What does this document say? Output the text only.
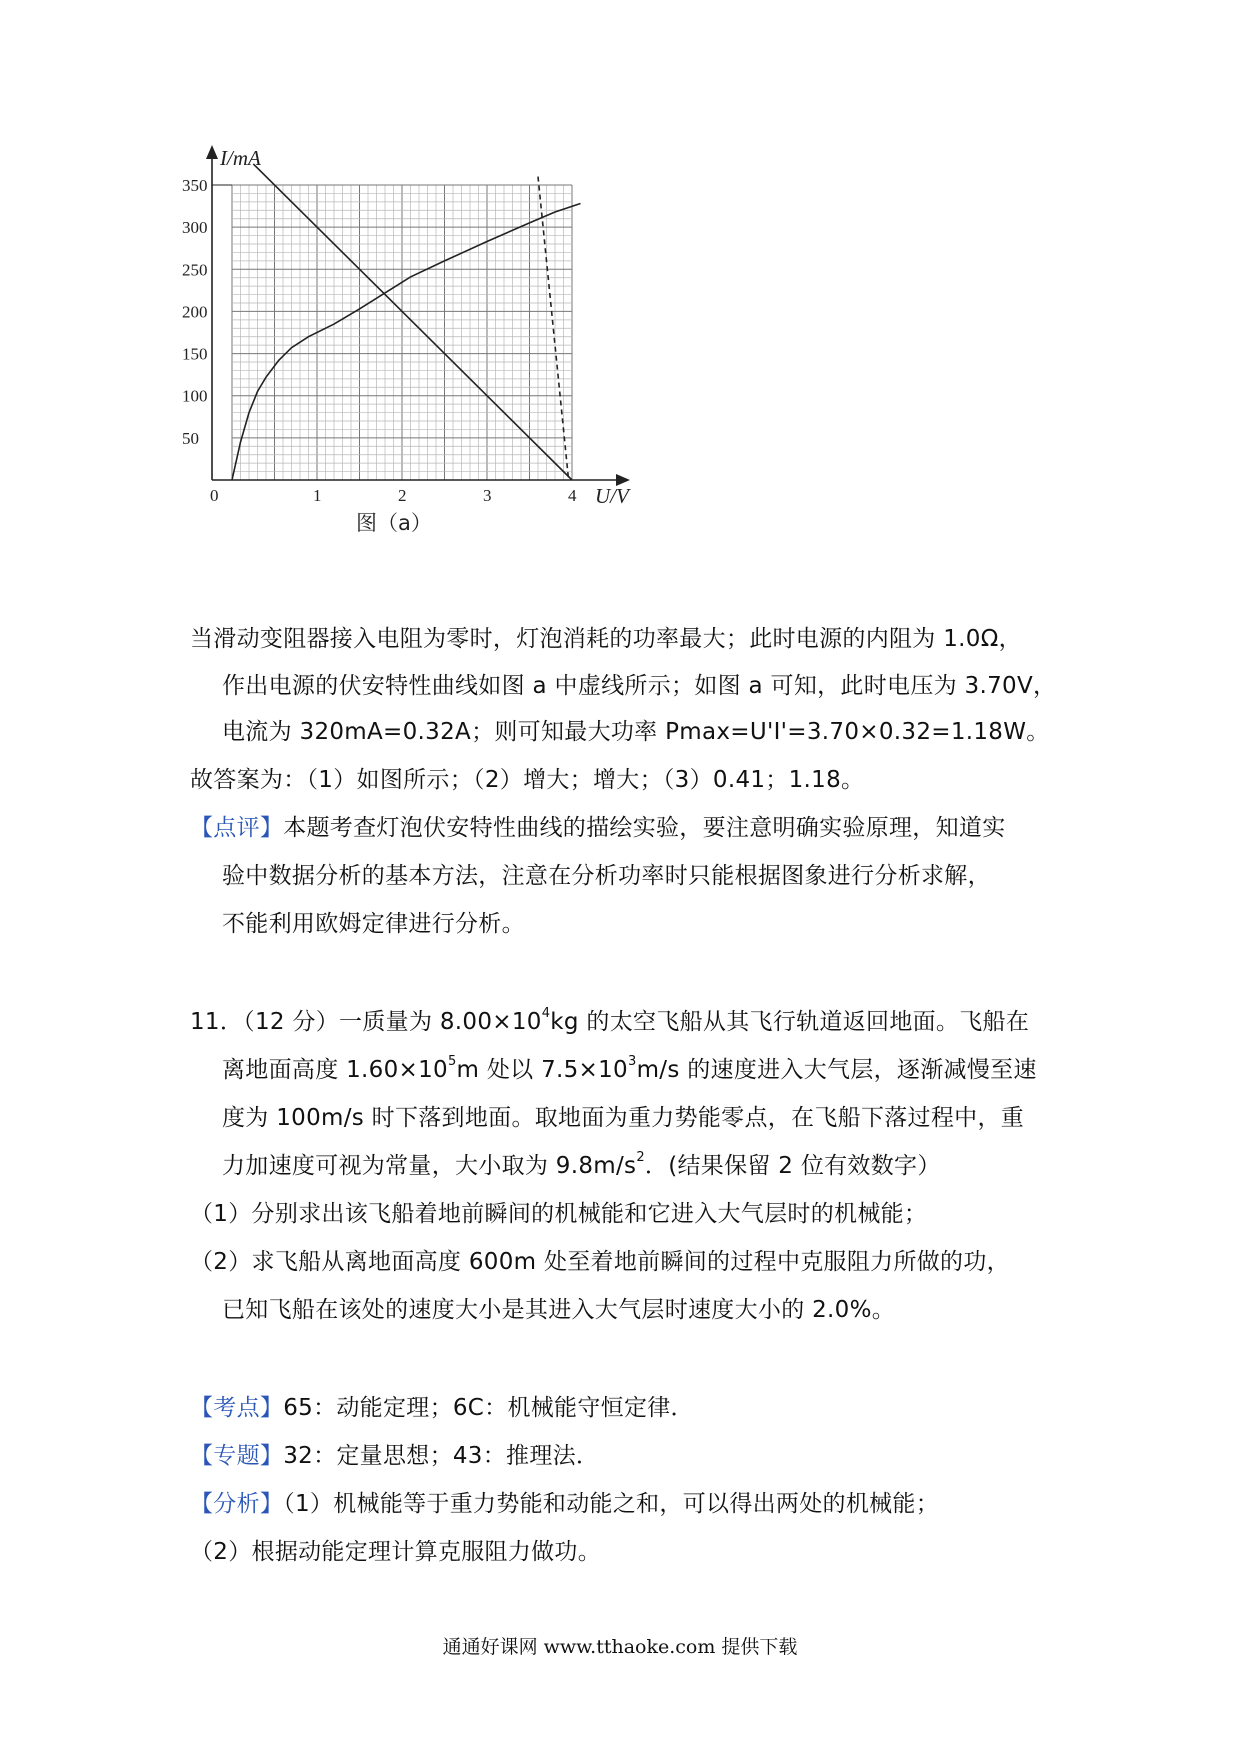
0	1	2	3	4
50
100
150
200
250
300
350
I/mA
U/V
图（a）
当滑动变阻器接入电阻为零时，灯泡消耗的功率最大；此时电源的内阻为 1.0Ω，
作出电源的伏安特性曲线如图 a 中虚线所示；如图 a 可知，此时电压为 3.70V，
电流为 320mA=0.32A；则可知最大功率 Pmax=U'I'=3.70×0.32=1.18W。
故答案为：（1）如图所示；（2）增大；增大；（3）0.41；1.18。
【点评】本题考查灯泡伏安特性曲线的描绘实验，要注意明确实验原理，知道实
验中数据分析的基本方法，注意在分析功率时只能根据图象进行分析求解，
不能利用欧姆定律进行分析。
11．（12 分）一质量为 $8.00\times 10^4kg$ 的太空飞船从其飞行轨道返回地面。飞船在
离地面高度 $1.60\times 10^5m$ 处以 $7.5\times 10^3m/s$ 的速度进入大气层，逐渐减慢至速
度为 100m/s 时下落到地面。取地面为重力势能零点，在飞船下落过程中，重
力加速度可视为常量，大小取为 $9.8m/s^2$．(结果保留 2 位有效数字）
（1）分别求出该飞船着地前瞬间的机械能和它进入大气层时的机械能；
（2）求飞船从离地面高度 600m 处至着地前瞬间的过程中克服阻力所做的功，
已知飞船在该处的速度大小是其进入大气层时速度大小的 2.0%。
【考点】65：动能定理；6C：机械能守恒定律．
【专题】32：定量思想；43：推理法．
【分析】（1）机械能等于重力势能和动能之和，可以得出两处的机械能；
（2）根据动能定理计算克服阻力做功。
通通好课网 www.tthaoke.com 提供下载
